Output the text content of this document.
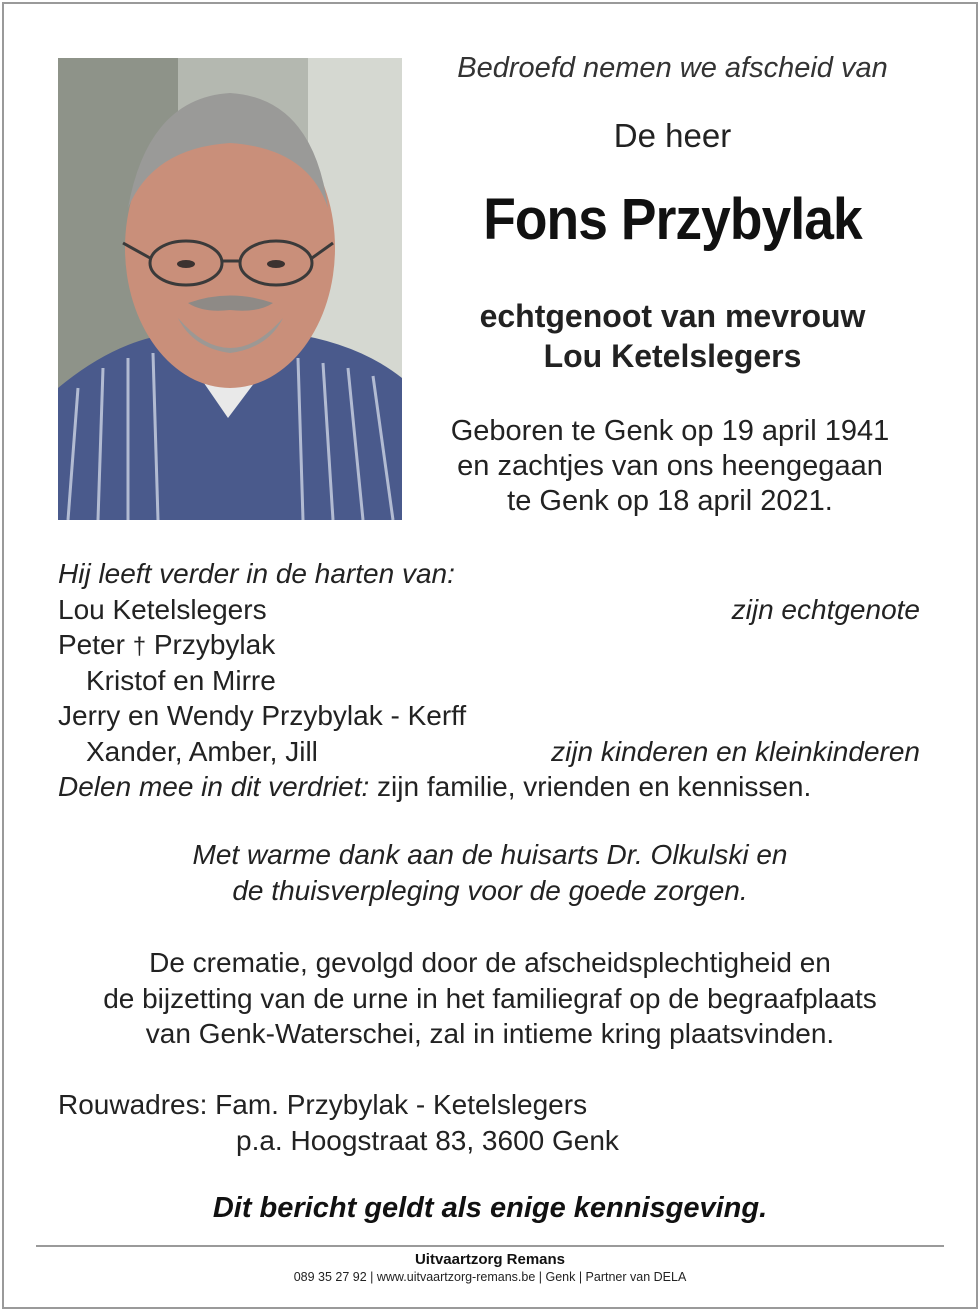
Bedroefd nemen we afscheid van
De heer
Fons Przybylak
echtgenoot van mevrouw
Lou Ketelslegers
Geboren te Genk op 19 april 1941
en zachtjes van ons heengegaan
te Genk op 18 april 2021.
Hij leeft verder in de harten van:
Lou Ketelslegers	zijn echtgenote
Peter † Przybylak
Kristof en Mirre
Jerry en Wendy Przybylak - Kerff
Xander, Amber, Jill	zijn kinderen en kleinkinderen
Delen mee in dit verdriet: zijn familie, vrienden en kennissen.
Met warme dank aan de huisarts Dr. Olkulski en
de thuisverpleging voor de goede zorgen.
De crematie, gevolgd door de afscheidsplechtigheid en
de bijzetting van de urne in het familiegraf op de begraafplaats
van Genk-Waterschei, zal in intieme kring plaatsvinden.
Rouwadres: Fam. Przybylak - Ketelslegers
p.a. Hoogstraat 83, 3600 Genk
Dit bericht geldt als enige kennisgeving.
Uitvaartzorg Remans
089 35 27 92 | www.uitvaartzorg-remans.be | Genk | Partner van DELA
